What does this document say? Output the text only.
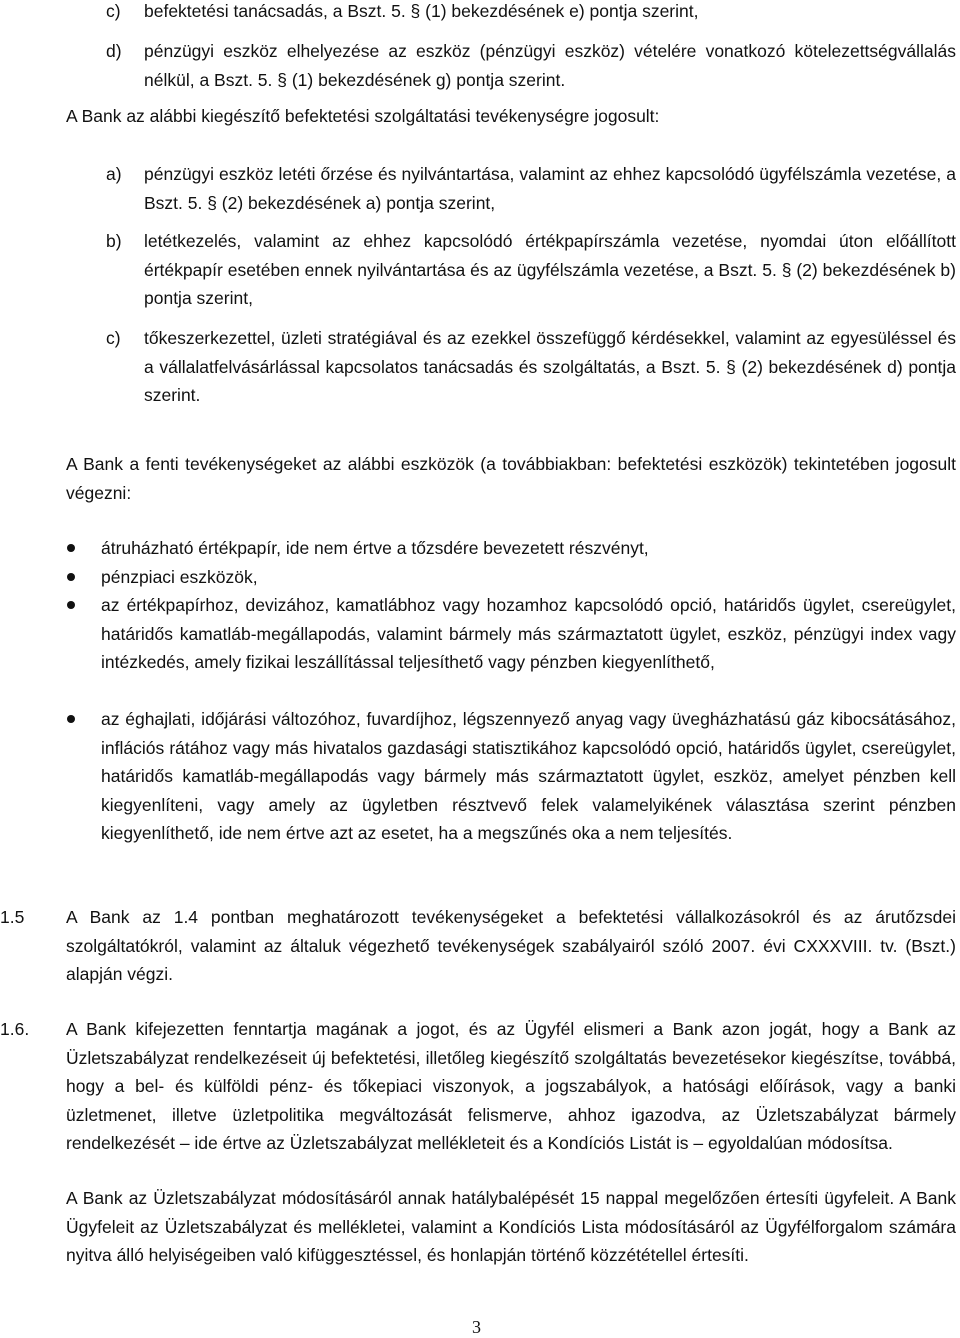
c) befektetési tanácsadás, a Bszt. 5. § (1) bekezdésének e) pontja szerint,
d) pénzügyi eszköz elhelyezése az eszköz (pénzügyi eszköz) vételére vonatkozó kötelezettségvállalás nélkül, a Bszt. 5. § (1) bekezdésének g) pontja szerint.

A Bank az alábbi kiegészítő befektetési szolgáltatási tevékenységre jogosult:

a) pénzügyi eszköz letéti őrzése és nyilvántartása, valamint az ehhez kapcsolódó ügyfélszámla vezetése, a Bszt. 5. § (2) bekezdésének a) pontja szerint,
b) letétkezelés, valamint az ehhez kapcsolódó értékpapírszámla vezetése, nyomdai úton előállított értékpapír esetében ennek nyilvántartása és az ügyfélszámla vezetése, a Bszt. 5. § (2) bekezdésének b) pontja szerint,
c) tőkeszerkezettel, üzleti stratégiával és az ezekkel összefüggő kérdésekkel, valamint az egyesüléssel és a vállalatfelvásárlással kapcsolatos tanácsadás és szolgáltatás, a Bszt. 5. § (2) bekezdésének d) pontja szerint.

A Bank a fenti tevékenységeket az alábbi eszközök (a továbbiakban: befektetési eszközök) tekintetében jogosult végezni:

átruházható értékpapír, ide nem értve a tőzsdére bevezetett részvényt,
pénzpiaci eszközök,
az értékpapírhoz, devizához, kamatlábhoz vagy hozamhoz kapcsolódó opció, határidős ügylet, csereügylet, határidős kamatláb-megállapodás, valamint bármely más származtatott ügylet, eszköz, pénzügyi index vagy intézkedés, amely fizikai leszállítással teljesíthető vagy pénzben kiegyenlíthető,
az éghajlati, időjárási változóhoz, fuvardíjhoz, légszennyező anyag vagy üvegházhatású gáz kibocsátásához, inflációs rátához vagy más hivatalos gazdasági statisztikához kapcsolódó opció, határidős ügylet, csereügylet, határidős kamatláb-megállapodás vagy bármely más származtatott ügylet, eszköz, amelyet pénzben kell kiegyenlíteni, vagy amely az ügyletben résztvevő felek valamelyikének választása szerint pénzben kiegyenlíthető, ide nem értve azt az esetet, ha a megszűnés oka a nem teljesítés.
1.5 A Bank az 1.4 pontban meghatározott tevékenységeket a befektetési vállalkozásokról és az árutőzsdei szolgáltatókról, valamint az általuk végezhető tevékenységek szabályairól szóló 2007. évi CXXXVIII. tv. (Bszt.) alapján végzi.

1.6. A Bank kifejezetten fenntartja magának a jogot, és az Ügyfél elismeri a Bank azon jogát, hogy a Bank az Üzletszabályzat rendelkezéseit új befektetési, illetőleg kiegészítő szolgáltatás bevezetésekor kiegészítse, továbbá, hogy a bel- és külföldi pénz- és tőkepiaci viszonyok, a jogszabályok, a hatósági előírások, vagy a banki üzletmenet, illetve üzletpolitika megváltozását felismerve, ahhoz igazodva, az Üzletszabályzat bármely rendelkezését – ide értve az Üzletszabályzat mellékleteit és a Kondíciós Listát is – egyoldalúan módosítsa.

A Bank az Üzletszabályzat módosításáról annak hatálybalépését 15 nappal megelőzően értesíti ügyfeleit. A Bank Ügyfeleit az Üzletszabályzat és mellékletei, valamint a Kondíciós Lista módosításáról az Ügyfélforgalom számára nyitva álló helyiségeiben való kifüggesztéssel, és honlapján történő közzététellel értesíti.

3
